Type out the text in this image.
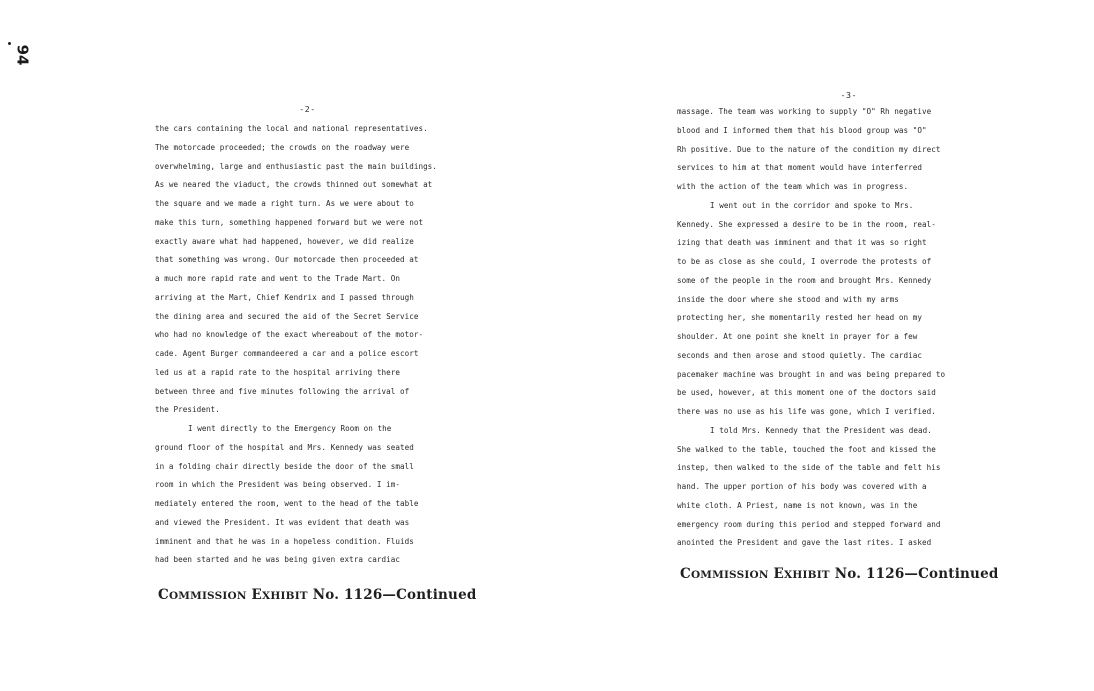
94
-2-
the cars containing the local and national representatives.
The motorcade proceeded; the crowds on the roadway were
overwhelming, large and enthusiastic past the main buildings.
As we neared the viaduct, the crowds thinned out somewhat at
the square and we made a right turn. As we were about to
make this turn, something happened forward but we were not
exactly aware what had happened, however, we did realize
that something was wrong. Our motorcade then proceeded at
a much more rapid rate and went to the Trade Mart. On
arriving at the Mart, Chief Kendrix and I passed through
the dining area and secured the aid of the Secret Service
who had no knowledge of the exact whereabout of the motor-
cade. Agent Burger commandeered a car and a police escort
led us at a rapid rate to the hospital arriving there
between three and five minutes following the arrival of
the President.
I went directly to the Emergency Room on the
ground floor of the hospital and Mrs. Kennedy was seated
in a folding chair directly beside the door of the small
room in which the President was being observed. I im-
mediately entered the room, went to the head of the table
and viewed the President. It was evident that death was
imminent and that he was in a hopeless condition. Fluids
had been started and he was being given extra cardiac
COMMISSION EXHIBIT No. 1126—Continued
-3-
massage. The team was working to supply "O" Rh negative
blood and I informed them that his blood group was "O"
Rh positive. Due to the nature of the condition my direct
services to him at that moment would have interferred
with the action of the team which was in progress.
I went out in the corridor and spoke to Mrs.
Kennedy. She expressed a desire to be in the room, real-
izing that death was imminent and that it was so right
to be as close as she could, I overrode the protests of
some of the people in the room and brought Mrs. Kennedy
inside the door where she stood and with my arms
protecting her, she momentarily rested her head on my
shoulder. At one point she knelt in prayer for a few
seconds and then arose and stood quietly. The cardiac
pacemaker machine was brought in and was being prepared to
be used, however, at this moment one of the doctors said
there was no use as his life was gone, which I verified.
I told Mrs. Kennedy that the President was dead.
She walked to the table, touched the foot and kissed the
instep, then walked to the side of the table and felt his
hand. The upper portion of his body was covered with a
white cloth. A Priest, name is not known, was in the
emergency room during this period and stepped forward and
anointed the President and gave the last rites. I asked
COMMISSION EXHIBIT No. 1126—Continued
